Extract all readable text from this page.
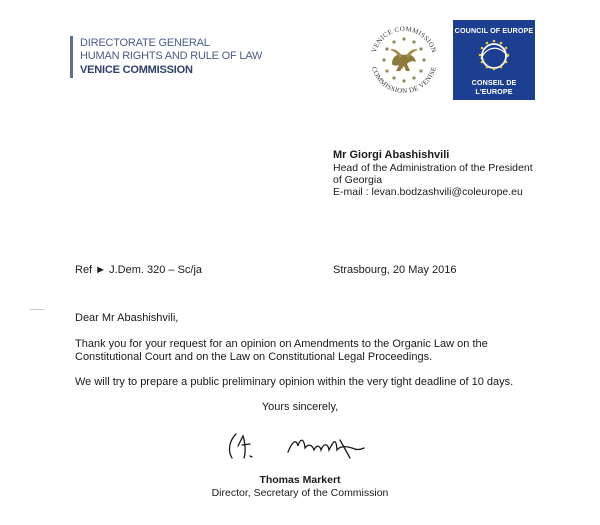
DIRECTORATE GENERAL
HUMAN RIGHTS AND RULE OF LAW
VENICE COMMISSION
VENICE COMMISSION
COMMISSION DE VENISE
COUNCIL OF EUROPE
CONSEIL DE L'EUROPE
Mr Giorgi Abashishvili
Head of the Administration of the President
of Georgia
E-mail : levan.bodzashvili@coleurope.eu
Ref ► J.Dem. 320 – Sc/ja	Strasbourg, 20 May 2016
Dear Mr Abashishvili,
Thank you for your request for an opinion on Amendments to the Organic Law on the
Constitutional Court and on the Law on Constitutional Legal Proceedings.
We will try to prepare a public preliminary opinion within the very tight deadline of 10 days.
Yours sincerely,
Thomas Markert
Director, Secretary of the Commission
